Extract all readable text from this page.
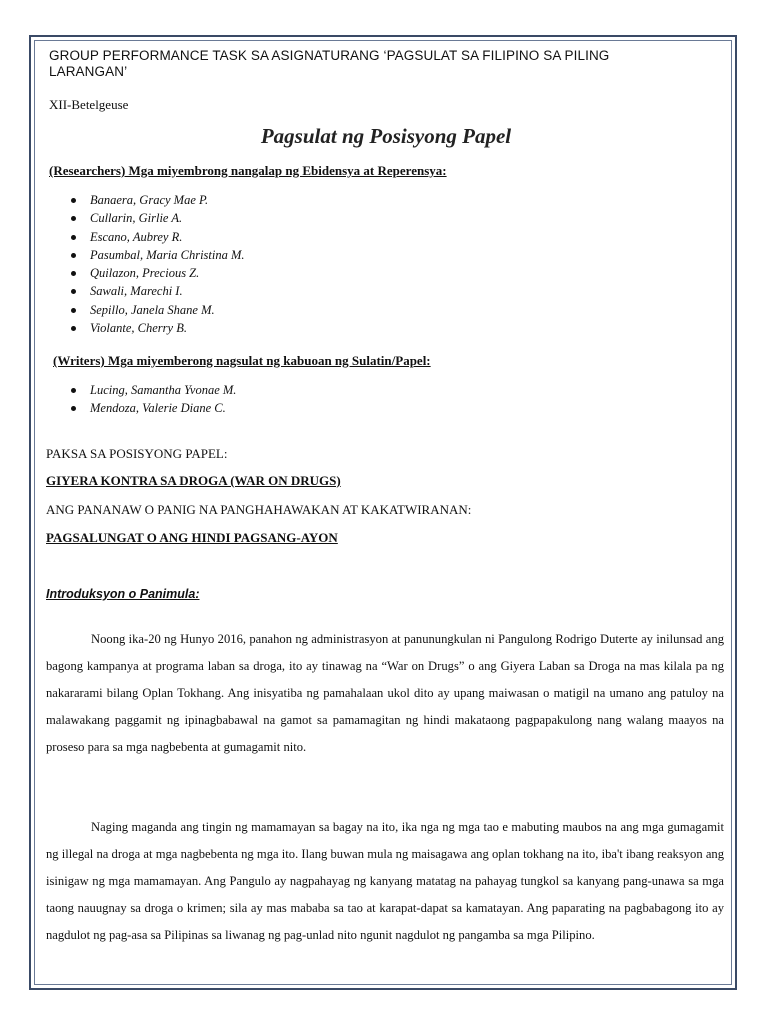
GROUP PERFORMANCE TASK SA ASIGNATURANG ‘PAGSULAT SA FILIPINO SA PILING LARANGAN’
XII-Betelgeuse
Pagsulat ng Posisyong Papel
(Researchers) Mga miyembrong nangalap ng Ebidensya at Reperensya:
Banaera, Gracy Mae P.
Cullarin, Girlie A.
Escano, Aubrey R.
Pasumbal, Maria Christina M.
Quilazon, Precious Z.
Sawali, Marechi I.
Sepillo, Janela Shane M.
Violante, Cherry B.
(Writers) Mga miyemberong nagsulat ng kabuoan ng Sulatin/Papel:
Lucing, Samantha Yvonae M.
Mendoza, Valerie Diane C.
PAKSA SA POSISYONG PAPEL:
GIYERA KONTRA SA DROGA (WAR ON DRUGS)
ANG PANANAW O PANIG NA PANGHAHAWAKAN AT KAKATWIRANAN:
PAGSALUNGAT O ANG HINDI PAGSANG-AYON
Introduksyon o Panimula:

Noong ika-20 ng Hunyo 2016, panahon ng administrasyon at panunungkulan ni Pangulong Rodrigo Duterte ay inilunsad ang bagong kampanya at programa laban sa droga, ito ay tinawag na “War on Drugs” o ang Giyera Laban sa Droga na mas kilala pa ng nakararami bilang Oplan Tokhang. Ang inisyatiba ng pamahalaan ukol dito ay upang maiwasan o matigil na umano ang patuloy na malawakang paggamit ng ipinagbabawal na gamot sa pamamagitan ng hindi makataong pagpapakulong nang walang maayos na proseso para sa mga nagbebenta at gumagamit nito.

Naging maganda ang tingin ng mamamayan sa bagay na ito, ika nga ng mga tao e mabuting maubos na ang mga gumagamit ng illegal na droga at mga nagbebenta ng mga ito. Ilang buwan mula ng maisagawa ang oplan tokhang na ito, iba't ibang reaksyon ang isinigaw ng mga mamamayan. Ang Pangulo ay nagpahayag ng kanyang matatag na pahayag tungkol sa kanyang pang-unawa sa mga taong nauugnay sa droga o krimen; sila ay mas mababa sa tao at karapat-dapat sa kamatayan. Ang paparating na pagbabagong ito ay nagdulot ng pag-asa sa Pilipinas sa liwanag ng pag-unlad nito ngunit nagdulot ng pangamba sa mga Pilipino.
